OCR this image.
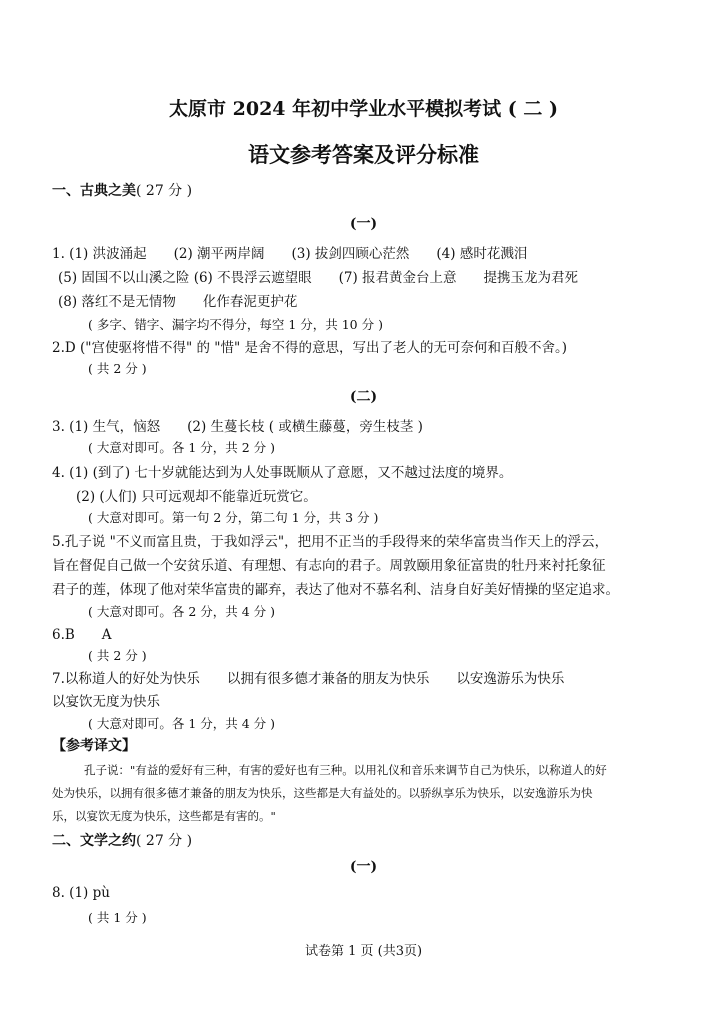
太原市 2024 年初中学业水平模拟考试 ( 二 )
语文参考答案及评分标准
一、古典之美( 27 分 )
(一)
1. (1) 洪波涌起　　(2) 潮平两岸阔　　(3) 拔剑四顾心茫然　　(4) 感时花溅泪
(5) 固国不以山溪之险 (6) 不畏浮云遮望眼　　(7) 报君黄金台上意　　提携玉龙为君死
(8) 落红不是无情物　　化作春泥更护花
( 多字、错字、漏字均不得分，每空 1 分，共 10 分 )
2.D ("宫使驱将惜不得" 的 "惜" 是舍不得的意思，写出了老人的无可奈何和百般不舍。)
( 共 2 分 )
(二)
3. (1) 生气，恼怒　　(2) 生蔓长枝 ( 或横生藤蔓，旁生枝茎 )
( 大意对即可。各 1 分，共 2 分 )
4. (1) (到了) 七十岁就能达到为人处事既顺从了意愿，又不越过法度的境界。
(2) (人们) 只可远观却不能靠近玩赏它。
( 大意对即可。第一句 2 分，第二句 1 分，共 3 分 )
5.孔子说 "不义而富且贵，于我如浮云"，把用不正当的手段得来的荣华富贵当作天上的浮云，
旨在督促自己做一个安贫乐道、有理想、有志向的君子。周敦颐用象征富贵的牡丹来衬托象征
君子的莲，体现了他对荣华富贵的鄙弃，表达了他对不慕名利、洁身自好美好情操的坚定追求。
( 大意对即可。各 2 分，共 4 分 )
6.B　　A
( 共 2 分 )
7.以称道人的好处为快乐　　以拥有很多德才兼备的朋友为快乐　　以安逸游乐为快乐
以宴饮无度为快乐
( 大意对即可。各 1 分，共 4 分 )
【参考译文】
孔子说："有益的爱好有三种，有害的爱好也有三种。以用礼仪和音乐来调节自己为快乐，以称道人的好
处为快乐，以拥有很多德才兼备的朋友为快乐，这些都是大有益处的。以骄纵享乐为快乐，以安逸游乐为快
乐，以宴饮无度为快乐，这些都是有害的。"
二、文学之约( 27 分 )
(一)
8. (1) pù
( 共 1 分 )
试卷第 1 页 (共3页)
